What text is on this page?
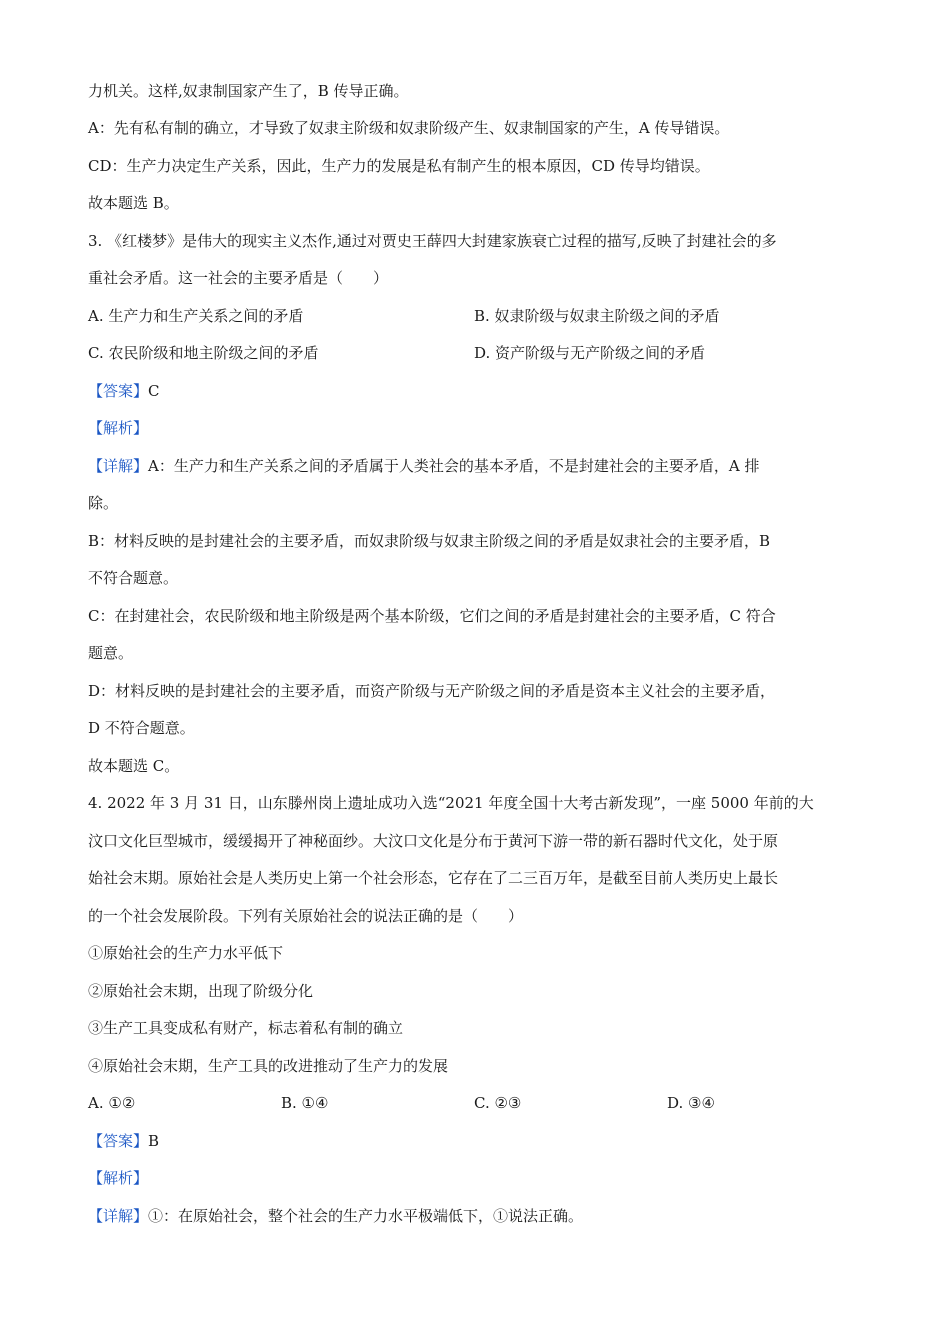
力机关。这样,奴隶制国家产生了，B 传导正确。
A：先有私有制的确立，才导致了奴隶主阶级和奴隶阶级产生、奴隶制国家的产生，A 传导错误。
CD：生产力决定生产关系，因此，生产力的发展是私有制产生的根本原因，CD 传导均错误。
故本题选 B。
3. 《红楼梦》是伟大的现实主义杰作,通过对贾史王薛四大封建家族衰亡过程的描写,反映了封建社会的多
重社会矛盾。这一社会的主要矛盾是（　　）
A. 生产力和生产关系之间的矛盾	B. 奴隶阶级与奴隶主阶级之间的矛盾
C. 农民阶级和地主阶级之间的矛盾	D. 资产阶级与无产阶级之间的矛盾
【答案】C
【解析】
【详解】A：生产力和生产关系之间的矛盾属于人类社会的基本矛盾，不是封建社会的主要矛盾，A 排
除。
B：材料反映的是封建社会的主要矛盾，而奴隶阶级与奴隶主阶级之间的矛盾是奴隶社会的主要矛盾，B
不符合题意。
C：在封建社会，农民阶级和地主阶级是两个基本阶级，它们之间的矛盾是封建社会的主要矛盾，C 符合
题意。
D：材料反映的是封建社会的主要矛盾，而资产阶级与无产阶级之间的矛盾是资本主义社会的主要矛盾，
D 不符合题意。
故本题选 C。
4. 2022 年 3 月 31 日，山东滕州岗上遗址成功入选“2021 年度全国十大考古新发现”，一座 5000 年前的大
汶口文化巨型城市，缓缓揭开了神秘面纱。大汶口文化是分布于黄河下游一带的新石器时代文化，处于原
始社会末期。原始社会是人类历史上第一个社会形态，它存在了二三百万年，是截至目前人类历史上最长
的一个社会发展阶段。下列有关原始社会的说法正确的是（　　）
①原始社会的生产力水平低下
②原始社会末期，出现了阶级分化
③生产工具变成私有财产，标志着私有制的确立
④原始社会末期，生产工具的改进推动了生产力的发展
A. ①②	B. ①④	C. ②③	D. ③④
【答案】B
【解析】
【详解】①：在原始社会，整个社会的生产力水平极端低下，①说法正确。
